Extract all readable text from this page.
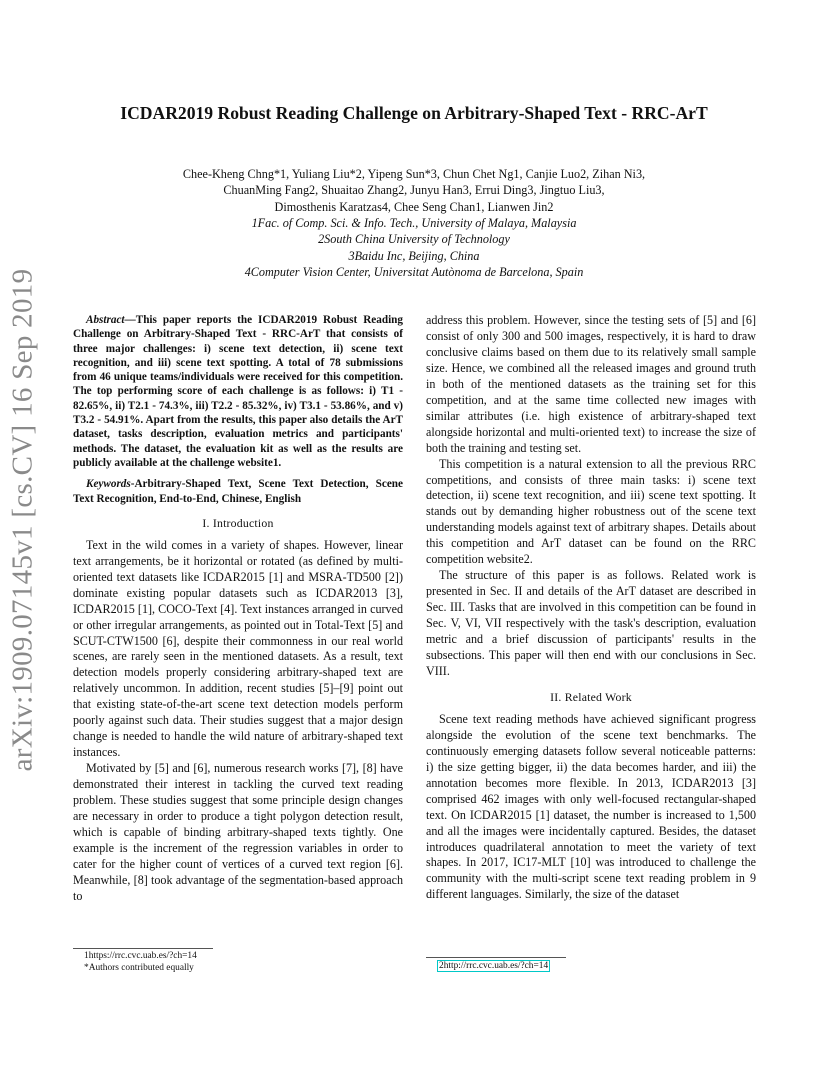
ICDAR2019 Robust Reading Challenge on Arbitrary-Shaped Text - RRC-ArT
Chee-Kheng Chng*1, Yuliang Liu*2, Yipeng Sun*3, Chun Chet Ng1, Canjie Luo2, Zihan Ni3,
ChuanMing Fang2, Shuaitao Zhang2, Junyu Han3, Errui Ding3, Jingtuo Liu3,
Dimosthenis Karatzas4, Chee Seng Chan1, Lianwen Jin2
1Fac. of Comp. Sci. & Info. Tech., University of Malaya, Malaysia
2South China University of Technology
3Baidu Inc, Beijing, China
4Computer Vision Center, Universitat Autònoma de Barcelona, Spain
arXiv:1909.07145v1 [cs.CV] 16 Sep 2019	Abstract—This paper reports the ICDAR2019 Robust Reading Challenge on Arbitrary-Shaped Text - RRC-ArT that consists of three major challenges: i) scene text detection, ii) scene text recognition, and iii) scene text spotting. A total of 78 submissions from 46 unique teams/individuals were received for this competition. The top performing score of each challenge is as follows: i) T1 - 82.65%, ii) T2.1 - 74.3%, iii) T2.2 - 85.32%, iv) T3.1 - 53.86%, and v) T3.2 - 54.91%. Apart from the results, this paper also details the ArT dataset, tasks description, evaluation metrics and participants' methods. The dataset, the evaluation kit as well as the results are publicly available at the challenge website1.
Keywords-Arbitrary-Shaped Text, Scene Text Detection, Scene Text Recognition, End-to-End, Chinese, English
I. Introduction

Text in the wild comes in a variety of shapes. However, linear text arrangements, be it horizontal or rotated (as defined by multi-oriented text datasets like ICDAR2015 [1] and MSRA-TD500 [2]) dominate existing popular datasets such as ICDAR2013 [3], ICDAR2015 [1], COCO-Text [4]. Text instances arranged in curved or other irregular arrangements, as pointed out in Total-Text [5] and SCUT-CTW1500 [6], despite their commonness in our real world scenes, are rarely seen in the mentioned datasets. As a result, text detection models properly considering arbitrary-shaped text are relatively uncommon. In addition, recent studies [5]–[9] point out that existing state-of-the-art scene text detection models perform poorly against such data. Their studies suggest that a major design change is needed to handle the wild nature of arbitrary-shaped text instances.

Motivated by [5] and [6], numerous research works [7], [8] have demonstrated their interest in tackling the curved text reading problem. These studies suggest that some principle design changes are necessary in order to produce a tight polygon detection result, which is capable of binding arbitrary-shaped texts tightly. One example is the increment of the regression variables in order to cater for the higher count of vertices of a curved text region [6]. Meanwhile, [8] took advantage of the segmentation-based approach to

address this problem. However, since the testing sets of [5] and [6] consist of only 300 and 500 images, respectively, it is hard to draw conclusive claims based on them due to its relatively small sample size. Hence, we combined all the released images and ground truth in both of the mentioned datasets as the training set for this competition, and at the same time collected new images with similar attributes (i.e. high existence of arbitrary-shaped text alongside horizontal and multi-oriented text) to increase the size of both the training and testing set.

This competition is a natural extension to all the previous RRC competitions, and consists of three main tasks: i) scene text detection, ii) scene text recognition, and iii) scene text spotting. It stands out by demanding higher robustness out of the scene text understanding models against text of arbitrary shapes. Details about this competition and ArT dataset can be found on the RRC competition website2.

The structure of this paper is as follows. Related work is presented in Sec. II and details of the ArT dataset are described in Sec. III. Tasks that are involved in this competition can be found in Sec. V, VI, VII respectively with the task's description, evaluation metric and a brief discussion of participants' results in the subsections. This paper will then end with our conclusions in Sec. VIII.

II. Related Work

Scene text reading methods have achieved significant progress alongside the evolution of the scene text benchmarks. The continuously emerging datasets follow several noticeable patterns: i) the size getting bigger, ii) the data becomes harder, and iii) the annotation becomes more flexible. In 2013, ICDAR2013 [3] comprised 462 images with only well-focused rectangular-shaped text. On ICDAR2015 [1] dataset, the number is increased to 1,500 and all the images were incidentally captured. Besides, the dataset introduces quadrilateral annotation to meet the variety of text shapes. In 2017, IC17-MLT [10] was introduced to challenge the community with the multi-script scene text reading problem in 9 different languages. Similarly, the size of the dataset

1https://rrc.cvc.uab.es/?ch=14
*Authors contributed equally	2http://rrc.cvc.uab.es/?ch=14
